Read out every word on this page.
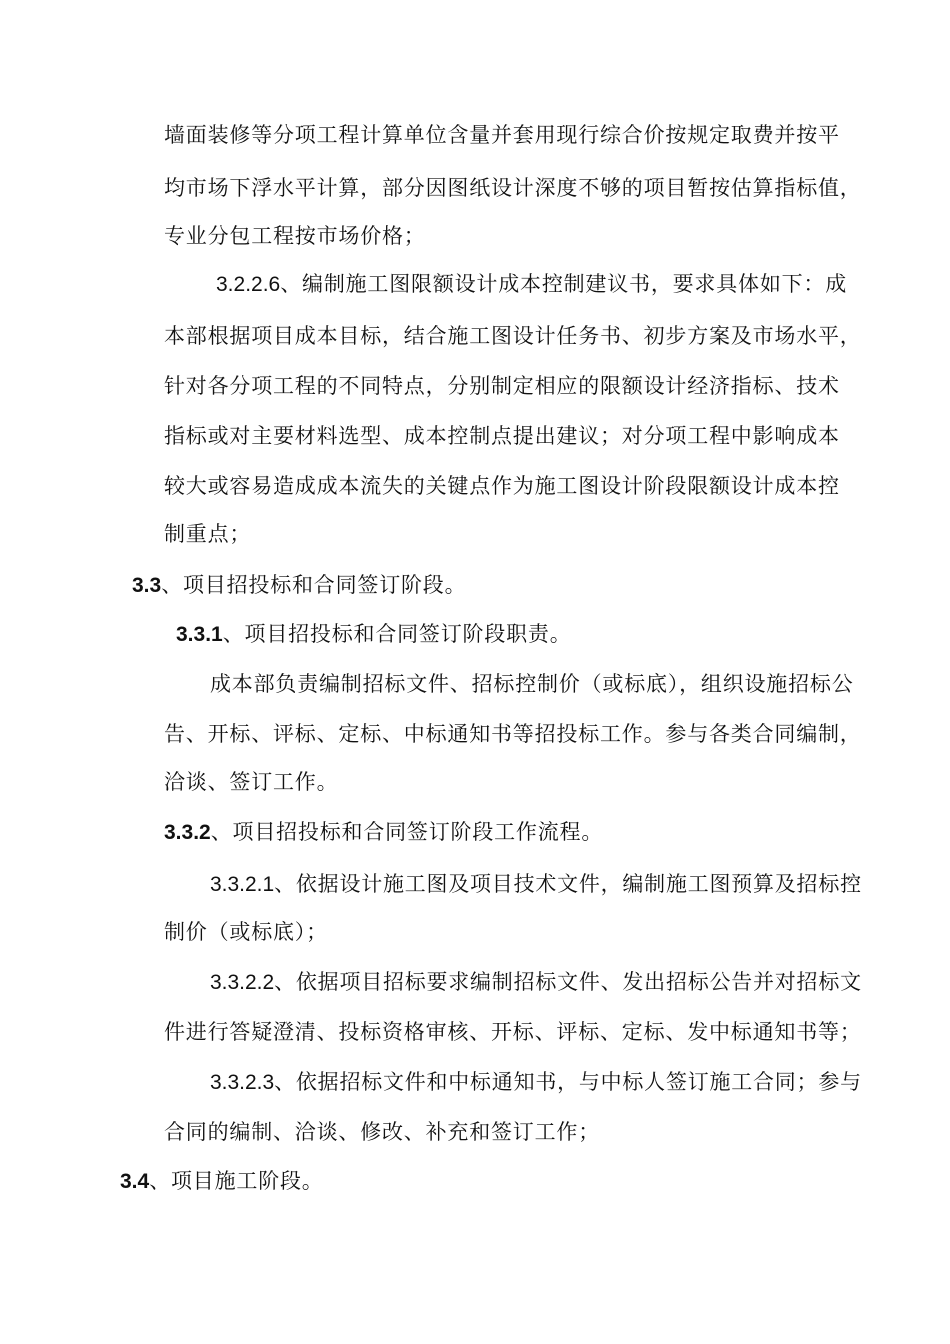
墙面装修等分项工程计算单位含量并套用现行综合价按规定取费并按平
均市场下浮水平计算，部分因图纸设计深度不够的项目暂按估算指标值，
专业分包工程按市场价格；
3.2.2.6、编制施工图限额设计成本控制建议书，要求具体如下：成
本部根据项目成本目标，结合施工图设计任务书、初步方案及市场水平，
针对各分项工程的不同特点，分别制定相应的限额设计经济指标、技术
指标或对主要材料选型、成本控制点提出建议；对分项工程中影响成本
较大或容易造成成本流失的关键点作为施工图设计阶段限额设计成本控
制重点；
3.3、项目招投标和合同签订阶段。
3.3.1、项目招投标和合同签订阶段职责。
成本部负责编制招标文件、招标控制价（或标底），组织设施招标公
告、开标、评标、定标、中标通知书等招投标工作。参与各类合同编制，
洽谈、签订工作。
3.3.2、项目招投标和合同签订阶段工作流程。
3.3.2.1、依据设计施工图及项目技术文件，编制施工图预算及招标控
制价（或标底）；
3.3.2.2、依据项目招标要求编制招标文件、发出招标公告并对招标文
件进行答疑澄清、投标资格审核、开标、评标、定标、发中标通知书等；
3.3.2.3、依据招标文件和中标通知书，与中标人签订施工合同；参与
合同的编制、洽谈、修改、补充和签订工作；
3.4、项目施工阶段。
